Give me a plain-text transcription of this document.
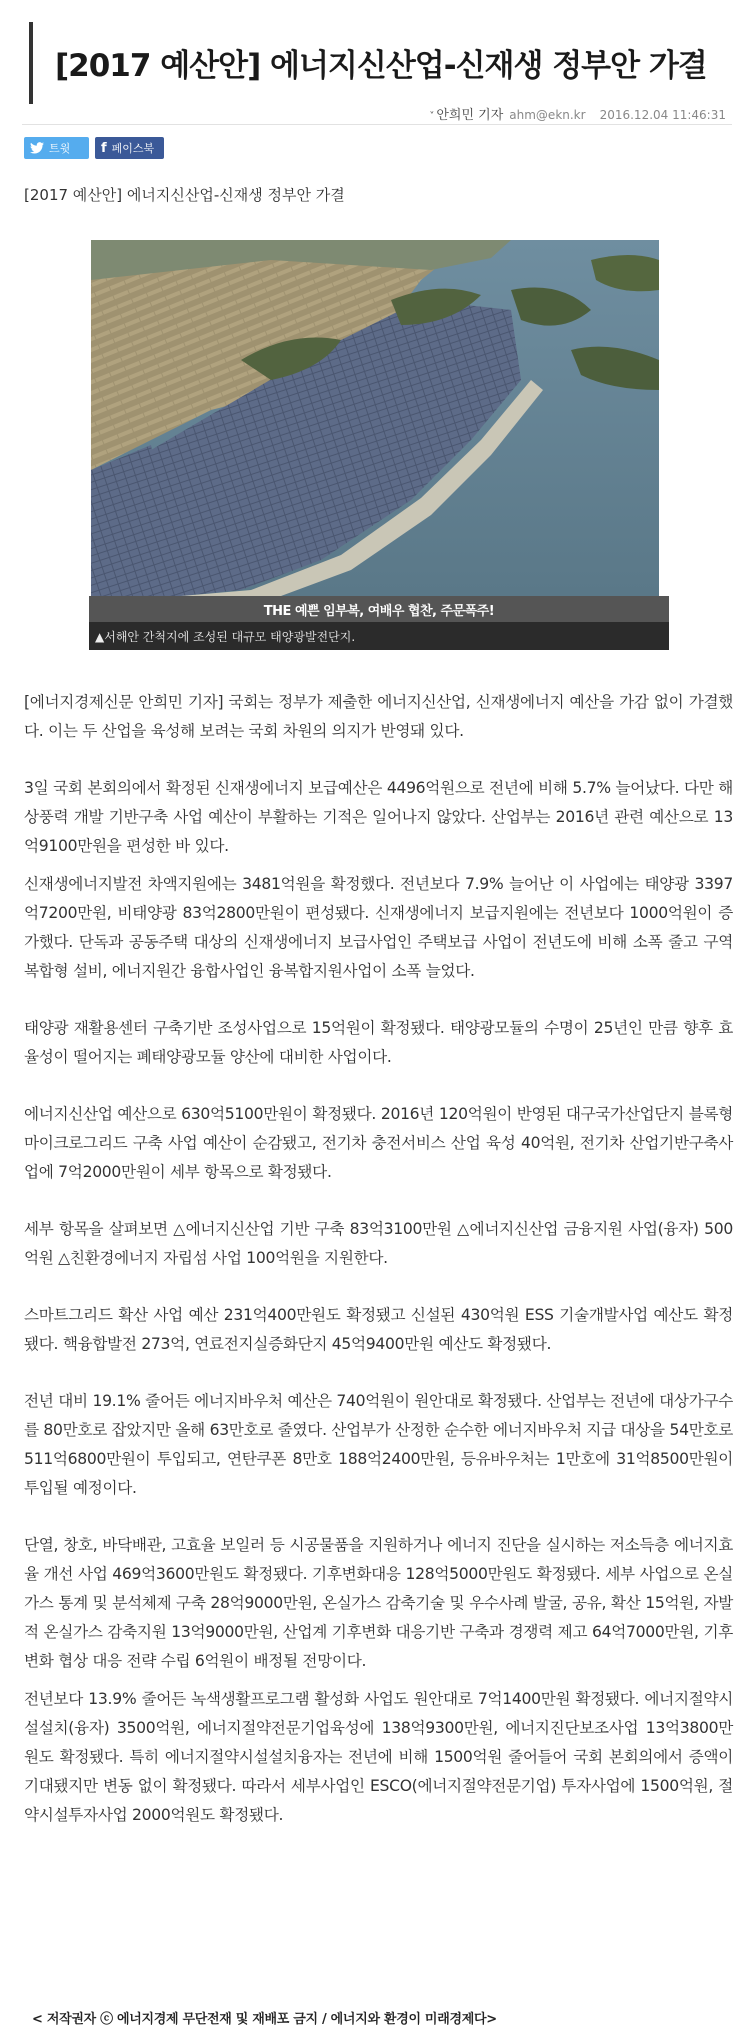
[2017 예산안] 에너지신산업-신재생 정부안 가결
˅ 안희민 기자 ahm@ekn.kr 2016.12.04 11:46:31
트윗 f 페이스북

[2017 예산안] 에너지신산업-신재생 정부안 가결

THE 예쁜 임부복, 여배우 협찬, 주문폭주!
▲서해안 간척지에 조성된 대규모 태양광발전단지.

[에너지경제신문 안희민 기자] 국회는 정부가 제출한 에너지신산업, 신재생에너지 예산을 가감 없이 가결했다. 이는 두 산업을 육성해 보려는 국회 차원의 의지가 반영돼 있다.

3일 국회 본회의에서 확정된 신재생에너지 보급예산은 4496억원으로 전년에 비해 5.7% 늘어났다. 다만 해상풍력 개발 기반구축 사업 예산이 부활하는 기적은 일어나지 않았다. 산업부는 2016년 관련 예산으로 13억9100만원을 편성한 바 있다.

신재생에너지발전 차액지원에는 3481억원을 확정했다. 전년보다 7.9% 늘어난 이 사업에는 태양광 3397억7200만원, 비태양광 83억2800만원이 편성됐다. 신재생에너지 보급지원에는 전년보다 1000억원이 증가했다. 단독과 공동주택 대상의 신재생에너지 보급사업인 주택보급 사업이 전년도에 비해 소폭 줄고 구역복합형 설비, 에너지원간 융합사업인 융복합지원사업이 소폭 늘었다.

태양광 재활용센터 구축기반 조성사업으로 15억원이 확정됐다. 태양광모듈의 수명이 25년인 만큼 향후 효율성이 떨어지는 폐태양광모듈 양산에 대비한 사업이다.

에너지신산업 예산으로 630억5100만원이 확정됐다. 2016년 120억원이 반영된 대구국가산업단지 블록형 마이크로그리드 구축 사업 예산이 순감됐고, 전기차 충전서비스 산업 육성 40억원, 전기차 산업기반구축사업에 7억2000만원이 세부 항목으로 확정됐다.

세부 항목을 살펴보면 △에너지신산업 기반 구축 83억3100만원 △에너지신산업 금융지원 사업(융자) 500억원 △친환경에너지 자립섬 사업 100억원을 지원한다.

스마트그리드 확산 사업 예산 231억400만원도 확정됐고 신설된 430억원 ESS 기술개발사업 예산도 확정됐다. 핵융합발전 273억, 연료전지실증화단지 45억9400만원 예산도 확정됐다.

전년 대비 19.1% 줄어든 에너지바우처 예산은 740억원이 원안대로 확정됐다. 산업부는 전년에 대상가구수를 80만호로 잡았지만 올해 63만호로 줄였다. 산업부가 산정한 순수한 에너지바우처 지급 대상을 54만호로 511억6800만원이 투입되고, 연탄쿠폰 8만호 188억2400만원, 등유바우처는 1만호에 31억8500만원이 투입될 예정이다.

단열, 창호, 바닥배관, 고효율 보일러 등 시공물품을 지원하거나 에너지 진단을 실시하는 저소득층 에너지효율 개선 사업 469억3600만원도 확정됐다. 기후변화대응 128억5000만원도 확정됐다. 세부 사업으로 온실가스 통계 및 분석체제 구축 28억9000만원, 온실가스 감축기술 및 우수사례 발굴, 공유, 확산 15억원, 자발적 온실가스 감축지원 13억9000만원, 산업계 기후변화 대응기반 구축과 경쟁력 제고 64억7000만원, 기후변화 협상 대응 전략 수립 6억원이 배정될 전망이다.

전년보다 13.9% 줄어든 녹색생활프로그램 활성화 사업도 원안대로 7억1400만원 확정됐다. 에너지절약시설설치(융자) 3500억원, 에너지절약전문기업육성에 138억9300만원, 에너지진단보조사업 13억3800만원도 확정됐다. 특히 에너지절약시설설치융자는 전년에 비해 1500억원 줄어들어 국회 본회의에서 증액이 기대됐지만 변동 없이 확정됐다. 따라서 세부사업인 ESCO(에너지절약전문기업) 투자사업에 1500억원, 절약시설투자사업 2000억원도 확정됐다.

< 저작권자 ⓒ 에너지경제 무단전재 및 재배포 금지 / 에너지와 환경이 미래경제다>
